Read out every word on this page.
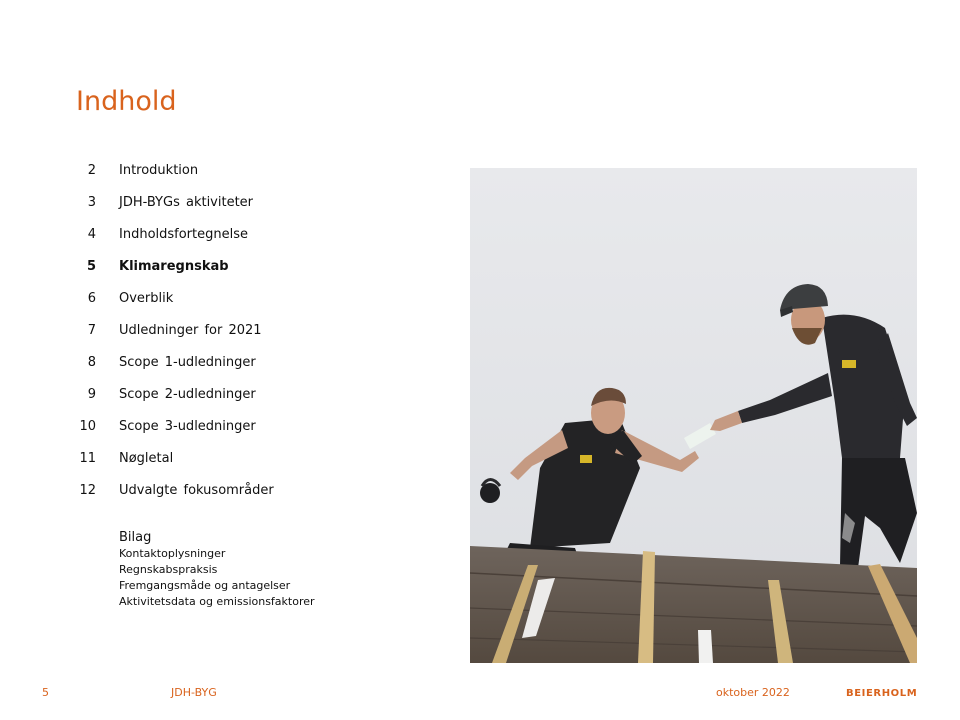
Indhold
2 Introduktion
3 JDH-BYGs aktiviteter
4 Indholdsfortegnelse
5 Klimaregnskab
6 Overblik
7 Udledninger for 2021
8 Scope 1-udledninger
9 Scope 2-udledninger
10 Scope 3-udledninger
11 Nøgletal
12 Udvalgte fokusområder
Bilag
Kontaktoplysninger
Regnskabspraksis
Fremgangsmåde og antagelser
Aktivitetsdata og emissionsfaktorer
5	JDH-BYG	oktober 2022	BEIERHOLM
